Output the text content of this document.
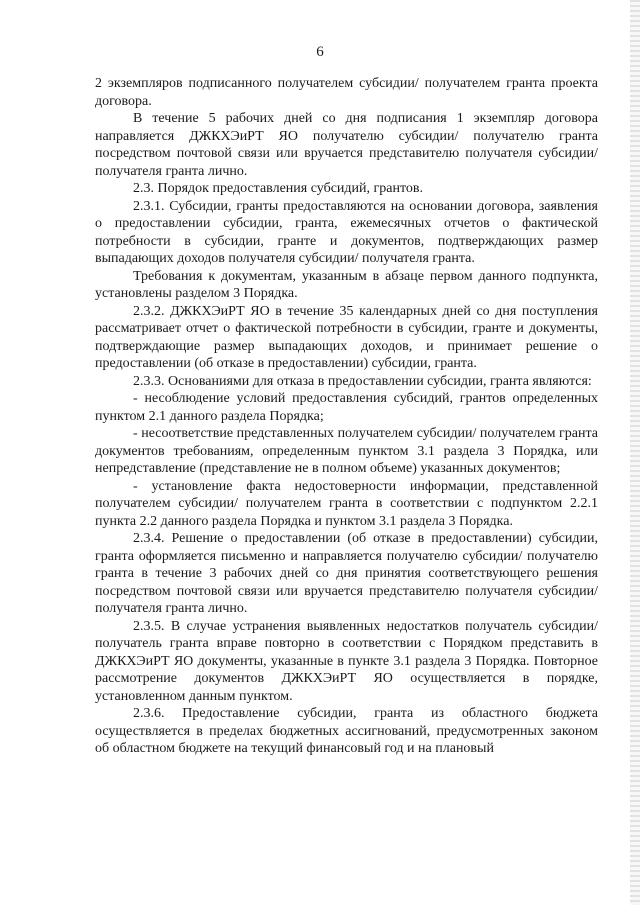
6

2 экземпляров подписанного получателем субсидии/ получателем гранта проекта договора.

В течение 5 рабочих дней со дня подписания 1 экземпляр договора направляется ДЖКХЭиРТ ЯО получателю субсидии/ получателю гранта посредством почтовой связи или вручается представителю получателя субсидии/ получателя гранта лично.

2.3. Порядок предоставления субсидий, грантов.

2.3.1. Субсидии, гранты предоставляются на основании договора, заявления о предоставлении субсидии, гранта, ежемесячных отчетов о фактической потребности в субсидии, гранте и документов, подтверждающих размер выпадающих доходов получателя субсидии/ получателя гранта.

Требования к документам, указанным в абзаце первом данного подпункта, установлены разделом 3 Порядка.

2.3.2. ДЖКХЭиРТ ЯО в течение 35 календарных дней со дня поступления рассматривает отчет о фактической потребности в субсидии, гранте и документы, подтверждающие размер выпадающих доходов, и принимает решение о предоставлении (об отказе в предоставлении) субсидии, гранта.

2.3.3. Основаниями для отказа в предоставлении субсидии, гранта являются:

- несоблюдение условий предоставления субсидий, грантов определенных пунктом 2.1 данного раздела Порядка;

- несоответствие представленных получателем субсидии/ получателем гранта документов требованиям, определенным пунктом 3.1 раздела 3 Порядка, или непредставление (представление не в полном объеме) указанных документов;

- установление факта недостоверности информации, представленной получателем субсидии/ получателем гранта в соответствии с подпунктом 2.2.1 пункта 2.2 данного раздела Порядка и пунктом 3.1 раздела 3 Порядка.

2.3.4. Решение о предоставлении (об отказе в предоставлении) субсидии, гранта оформляется письменно и направляется получателю субсидии/ получателю гранта в течение 3 рабочих дней со дня принятия соответствующего решения посредством почтовой связи или вручается представителю получателя субсидии/ получателя гранта лично.

2.3.5. В случае устранения выявленных недостатков получатель субсидии/ получатель гранта вправе повторно в соответствии с Порядком представить в ДЖКХЭиРТ ЯО документы, указанные в пункте 3.1 раздела 3 Порядка. Повторное рассмотрение документов ДЖКХЭиРТ ЯО осуществляется в порядке, установленном данным пунктом.

2.3.6. Предоставление субсидии, гранта из областного бюджета осуществляется в пределах бюджетных ассигнований, предусмотренных законом об областном бюджете на текущий финансовый год и на плановый
